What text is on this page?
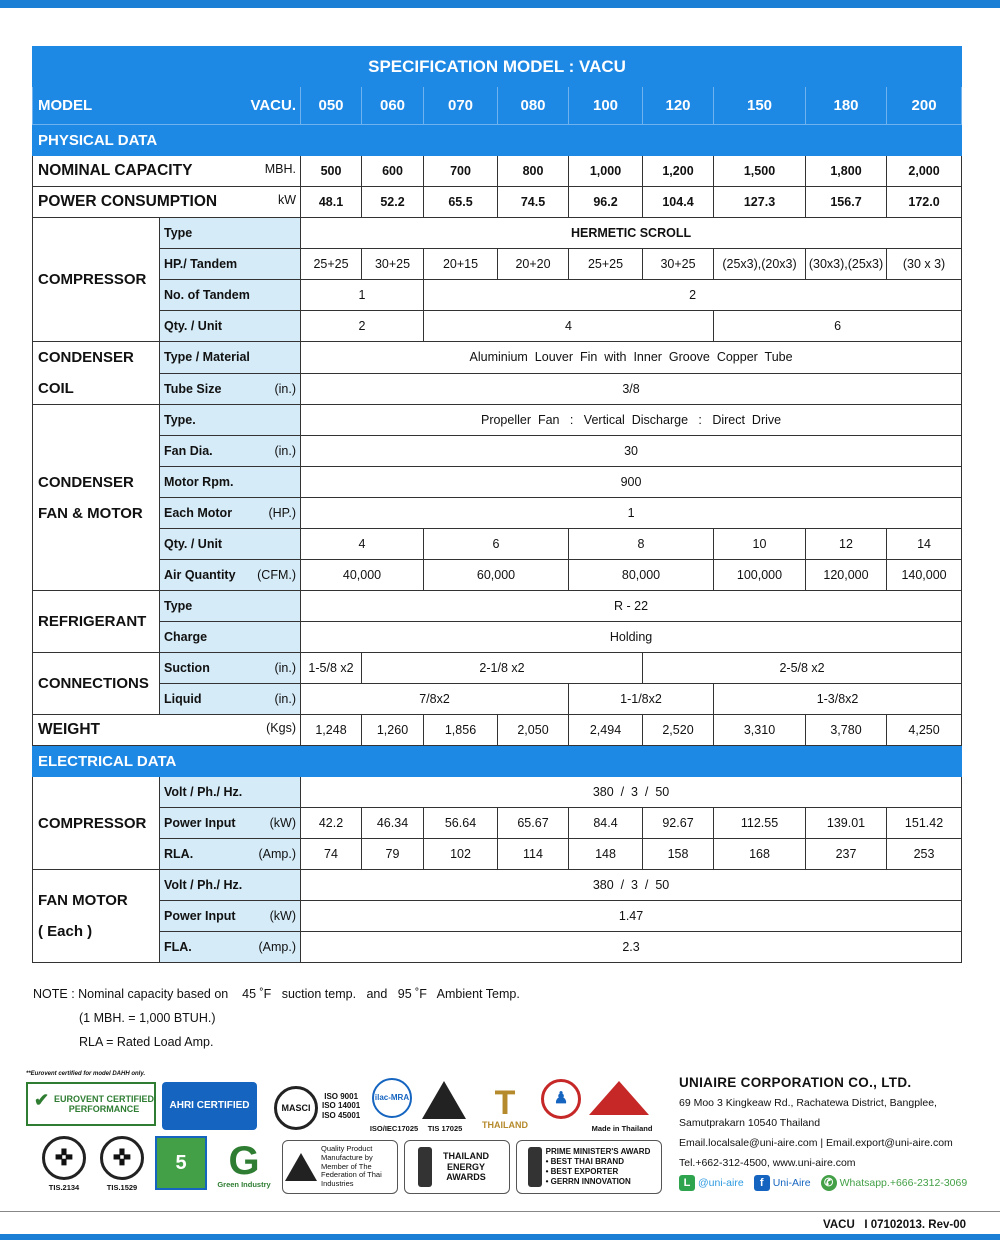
SPECIFICATION MODEL : VACU										
MODEL VACU.		050	060	070	080	100	120	150	180	200
PHYSICAL DATA										
NOMINAL CAPACITY MBH.		500	600	700	800	1,000	1,200	1,500	1,800	2,000
POWER CONSUMPTION kW		48.1	52.2	65.5	74.5	96.2	104.4	127.3	156.7	172.0
COMPRESSOR	Type	HERMETIC SCROLL								
	HP./ Tandem	25+25	30+25	20+15	20+20	25+25	30+25	(25x3),(20x3)	(30x3),(25x3)	(30 x 3)
	No. of Tandem	1		2						
	Qty. / Unit	2		4				6		

CONDENSER
COIL	Type / Material	Aluminium  Louver  Fin  with  Inner  Groove  Copper  Tube								
	Tube Size (in.)	3/8								

CONDENSER
FAN & MOTOR	Type.	Propeller  Fan   :   Vertical  Discharge   :   Direct  Drive								
	Fan Dia. (in.)	30								
	Motor Rpm.	900								
	Each Motor (HP.)	1								
	Qty. / Unit	4		6		8		10	12	14
	Air Quantity (CFM.)	40,000		60,000		80,000		100,000	120,000	140,000
REFRIGERANT	Type	R - 22								
	Charge	Holding								
CONNECTIONS	Suction (in.)	1-5/8 x2	2-1/8 x2				2-5/8 x2			
	Liquid (in.)	7/8x2				1-1/8x2		1-3/8x2		
WEIGHT (Kgs)		1,248	1,260	1,856	2,050	2,494	2,520	3,310	3,780	4,250
ELECTRICAL DATA										
COMPRESSOR	Volt / Ph./ Hz.	380  /  3  /  50								
	Power Input (kW)	42.2	46.34	56.64	65.67	84.4	92.67	112.55	139.01	151.42
	RLA. (Amp.)	74	79	102	114	148	158	168	237	253

FAN MOTOR
( Each )	Volt / Ph./ Hz.	380  /  3  /  50								
	Power Input (kW)	1.47								
	FLA. (Amp.)	2.3								
NOTE : Nominal capacity based on    45 ˚F   suction temp.   and   95 ˚F   Ambient Temp.
(1 MBH. = 1,000 BTUH.)
RLA = Rated Load Amp.
**Eurovent certified for model DAHH only.
✔ EUROVENT CERTIFIED PERFORMANCE	AHRI CERTIFIED	MASCI
ISO 9001
ISO 14001
ISO 45001
ilac-MRA
ISO/IEC17025	TIS 17025
T
THAILAND
♟
Made in Thailand
✜
TIS.2134
✜
TIS.1529
5	G
Green Industry
Quality Product Manufacture by Member of The Federation of Thai Industries
THAILAND ENERGY AWARDS
PRIME MINISTER'S AWARD
• BEST THAI BRAND
• BEST EXPORTER
• GERRN INNOVATION
UNIAIRE CORPORATION CO., LTD.
69 Moo 3 Kingkeaw Rd., Rachatewa District, Bangplee,
Samutprakarn 10540 Thailand
Email.localsale@uni-aire.com | Email.export@uni-aire.com
Tel.+662-312-4500, www.uni-aire.com
L @uni-aire	f Uni-Aire	✆ Whatsapp.+666-2312-3069
VACU   I 07102013. Rev-00
